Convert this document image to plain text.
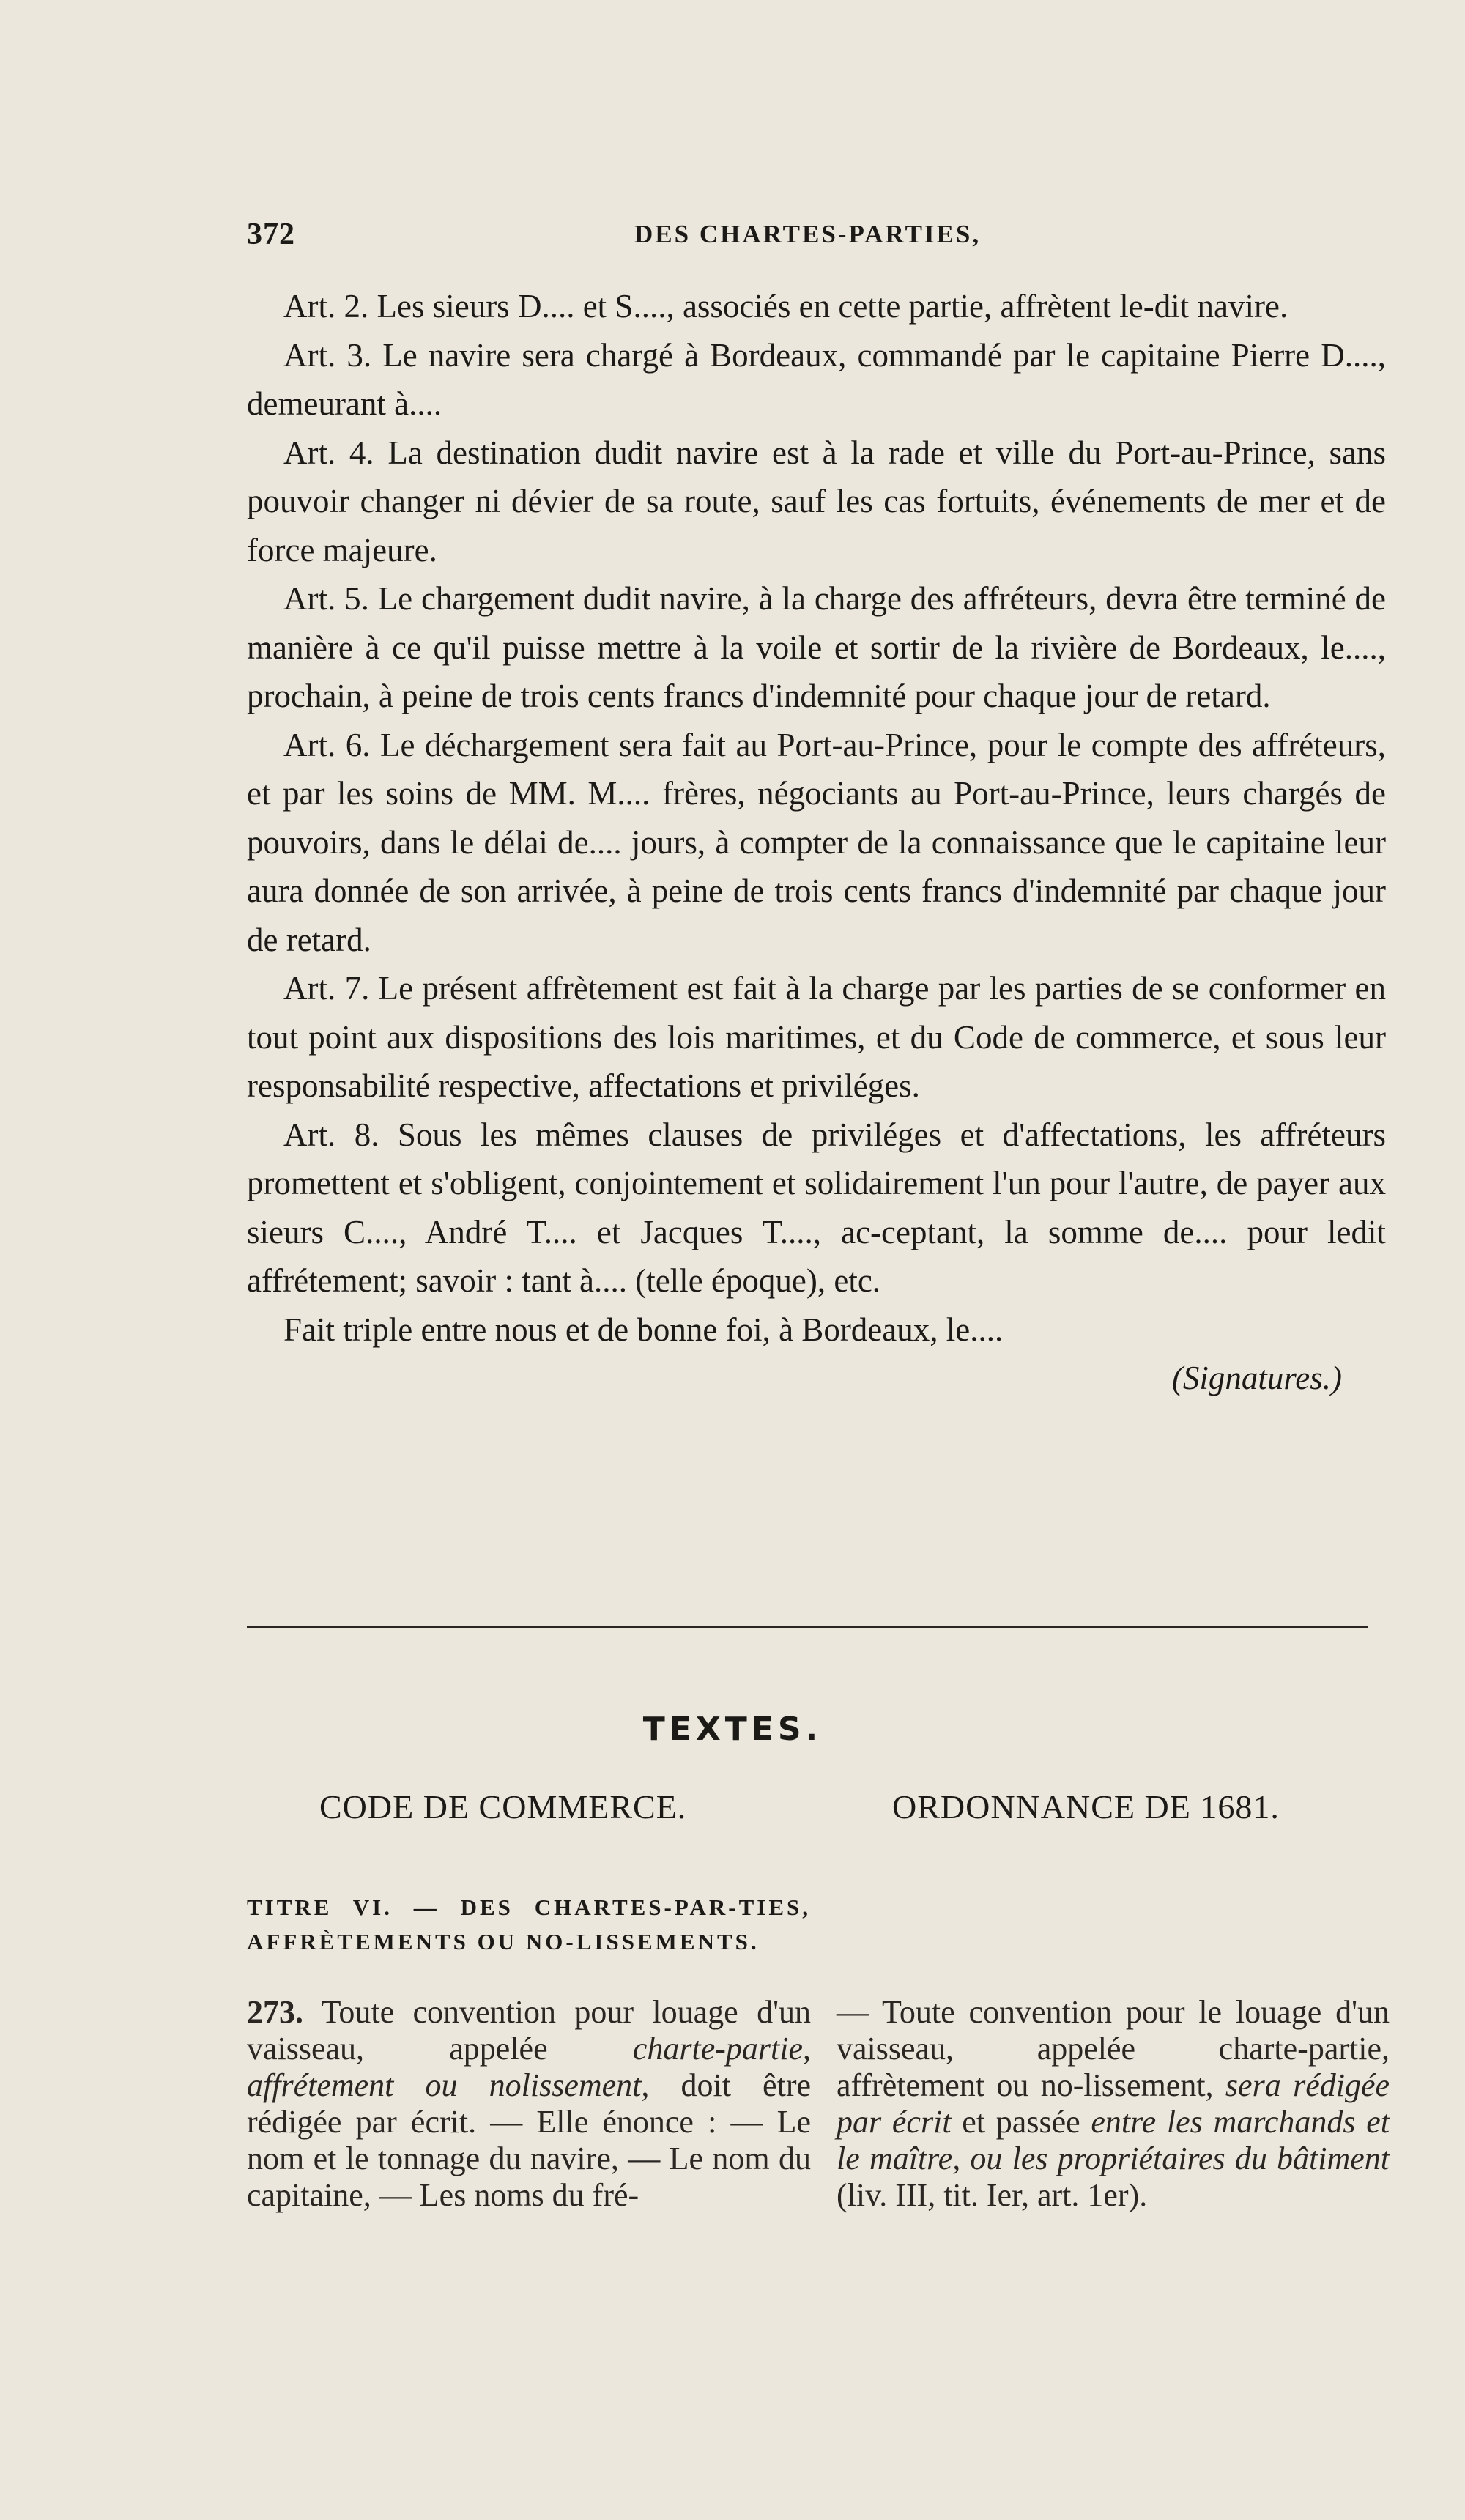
372	DES CHARTES-PARTIES,

Art. 2. Les sieurs D.... et S...., associés en cette partie, affrètent le-dit navire.

Art. 3. Le navire sera chargé à Bordeaux, commandé par le capitaine Pierre D...., demeurant à....

Art. 4. La destination dudit navire est à la rade et ville du Port-au-Prince, sans pouvoir changer ni dévier de sa route, sauf les cas fortuits, événements de mer et de force majeure.

Art. 5. Le chargement dudit navire, à la charge des affréteurs, devra être terminé de manière à ce qu'il puisse mettre à la voile et sortir de la rivière de Bordeaux, le...., prochain, à peine de trois cents francs d'indemnité pour chaque jour de retard.

Art. 6. Le déchargement sera fait au Port-au-Prince, pour le compte des affréteurs, et par les soins de MM. M.... frères, négociants au Port-au-Prince, leurs chargés de pouvoirs, dans le délai de.... jours, à compter de la connaissance que le capitaine leur aura donnée de son arrivée, à peine de trois cents francs d'indemnité par chaque jour de retard.

Art. 7. Le présent affrètement est fait à la charge par les parties de se conformer en tout point aux dispositions des lois maritimes, et du Code de commerce, et sous leur responsabilité respective, affectations et priviléges.

Art. 8. Sous les mêmes clauses de priviléges et d'affectations, les affréteurs promettent et s'obligent, conjointement et solidairement l'un pour l'autre, de payer aux sieurs C...., André T.... et Jacques T...., ac-ceptant, la somme de.... pour ledit affrétement; savoir : tant à.... (telle époque), etc.

Fait triple entre nous et de bonne foi, à Bordeaux, le....

(Signatures.)

TEXTES.
CODE DE COMMERCE.	ORDONNANCE DE 1681.
TITRE VI. — DES CHARTES-PAR-TIES, AFFRÈTEMENTS OU NO-LISSEMENTS.

273. Toute convention pour louage d'un vaisseau, appelée charte-partie, affrétement ou nolissement, doit être rédigée par écrit. — Elle énonce : — Le nom et le tonnage du navire, — Le nom du capitaine, — Les noms du fré-

— Toute convention pour le louage d'un vaisseau, appelée charte-partie, affrètement ou no-lissement, sera rédigée par écrit et passée entre les marchands et le maître, ou les propriétaires du bâtiment (liv. III, tit. Ier, art. 1er).
